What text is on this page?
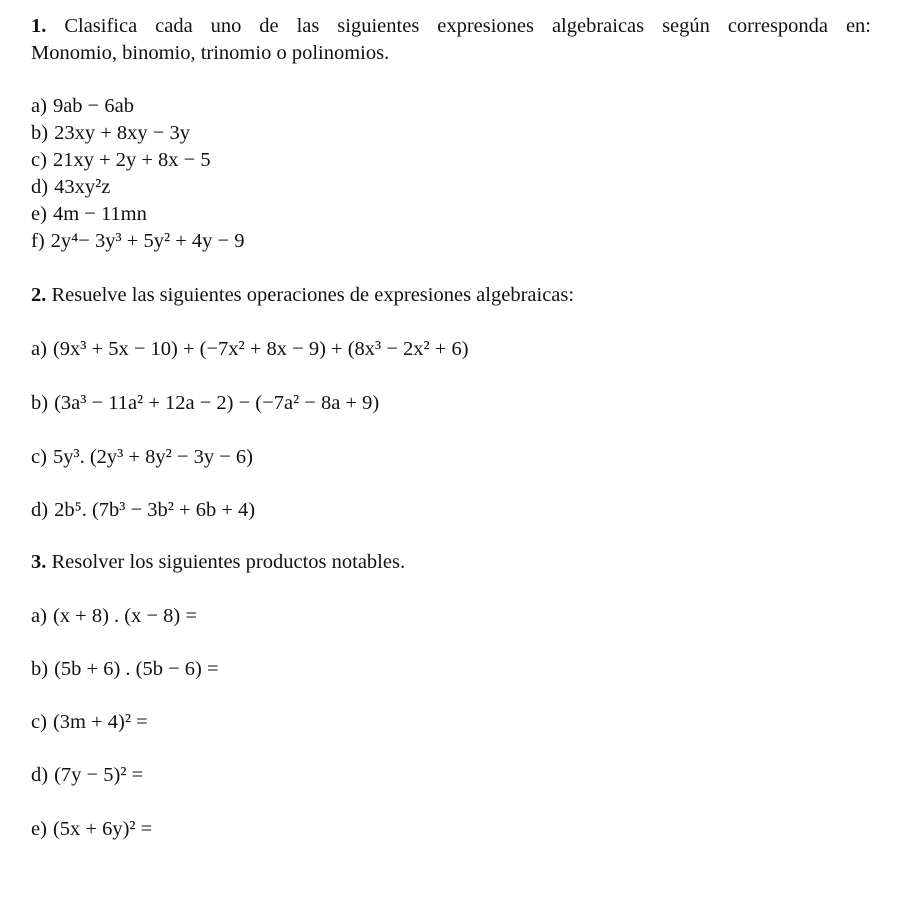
1. Clasifica cada uno de las siguientes expresiones algebraicas según corresponda en:
Monomio, binomio, trinomio o polinomios.
a) 9ab − 6ab
b) 23xy + 8xy − 3y
c) 21xy + 2y + 8x − 5
d) 43xy²z
e) 4m − 11mn
f) 2y⁴− 3y³ + 5y² + 4y − 9
2. Resuelve las siguientes operaciones de expresiones algebraicas:
a) (9x³ + 5x − 10) + (−7x² + 8x − 9) + (8x³ − 2x² + 6)
b) (3a³ − 11a² + 12a − 2) − (−7a² − 8a + 9)
c) 5y³. (2y³ + 8y² − 3y − 6)
d) 2b⁵. (7b³ − 3b² + 6b + 4)
3. Resolver los siguientes productos notables.
a) (x + 8) . (x − 8) =
b) (5b + 6) . (5b − 6) =
c) (3m + 4)² =
d) (7y − 5)² =
e) (5x + 6y)² =
